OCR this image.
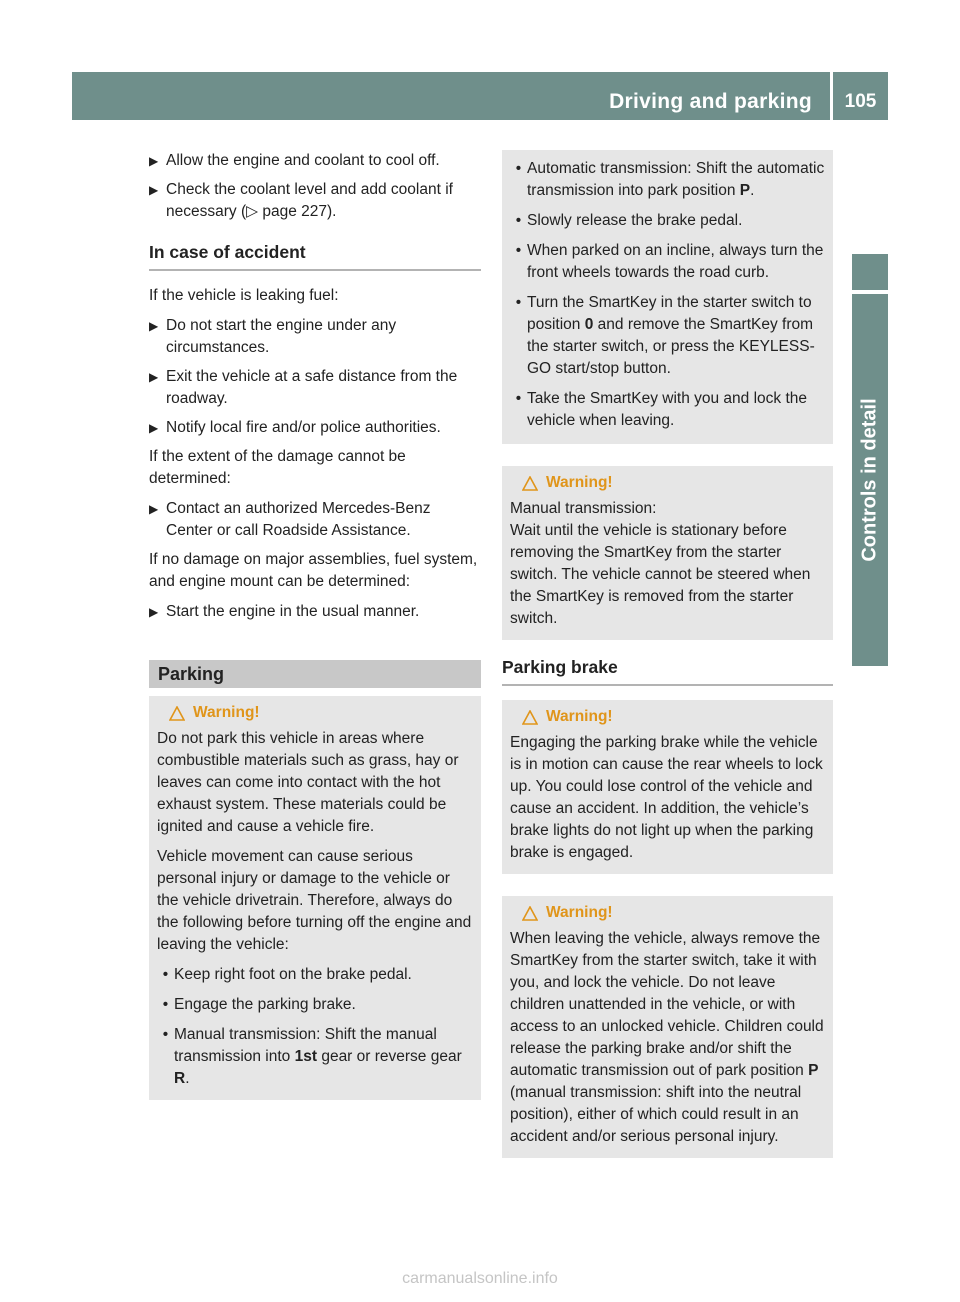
Driving and parking	105
Controls in detail
▶ Allow the engine and coolant to cool off.
▶ Check the coolant level and add coolant if necessary (▷ page 227).
In case of accident

If the vehicle is leaking fuel:

▶ Do not start the engine under any circumstances.
▶ Exit the vehicle at a safe distance from the roadway.
▶ Notify local fire and/or police authorities.

If the extent of the damage cannot be determined:

▶ Contact an authorized Mercedes-Benz Center or call Roadside Assistance.

If no damage on major assemblies, fuel system, and engine mount can be determined:

▶ Start the engine in the usual manner.
Parking
Warning!

Do not park this vehicle in areas where combustible materials such as grass, hay or leaves can come into contact with the hot exhaust system. These materials could be ignited and cause a vehicle fire.

Vehicle movement can cause serious personal injury or damage to the vehicle or the vehicle drivetrain. Therefore, always do the following before turning off the engine and leaving the vehicle:

• Keep right foot on the brake pedal.
• Engage the parking brake.
• Manual transmission: Shift the manual transmission into 1st gear or reverse gear R.
• Automatic transmission: Shift the automatic transmission into park position P.
• Slowly release the brake pedal.
• When parked on an incline, always turn the front wheels towards the road curb.
• Turn the SmartKey in the starter switch to position 0 and remove the SmartKey from the starter switch, or press the KEYLESS-GO start/stop button.
• Take the SmartKey with you and lock the vehicle when leaving.
Warning!
Manual transmission:
Wait until the vehicle is stationary before removing the SmartKey from the starter switch. The vehicle cannot be steered when the SmartKey is removed from the starter switch.
Parking brake
Warning!
Engaging the parking brake while the vehicle is in motion can cause the rear wheels to lock up. You could lose control of the vehicle and cause an accident. In addition, the vehicle’s brake lights do not light up when the parking brake is engaged.
Warning!
When leaving the vehicle, always remove the SmartKey from the starter switch, take it with you, and lock the vehicle. Do not leave children unattended in the vehicle, or with access to an unlocked vehicle. Children could release the parking brake and/or shift the automatic transmission out of park position P (manual transmission: shift into the neutral position), either of which could result in an accident and/or serious personal injury.
carmanualsonline.info
